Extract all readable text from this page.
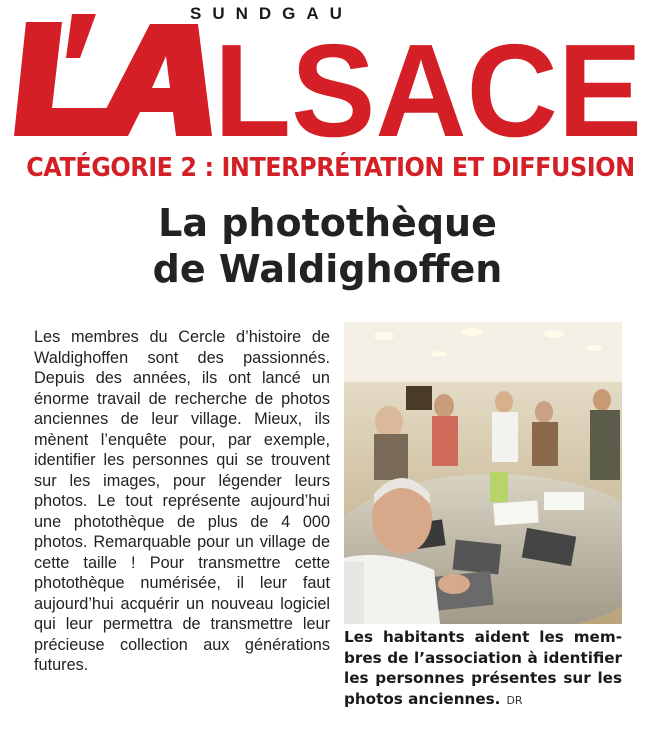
LSACE
SUNDGAU
CATÉGORIE 2 : INTERPRÉTATION ET DIFFUSION
La photothèque
de Waldighoffen
Les membres du Cercle d’histoire de Waldighoffen sont des passionnés. Depuis des années, ils ont lancé un énorme travail de recherche de photos anciennes de leur village. Mieux, ils mènent l’enquête pour, par exemple, identifier les personnes qui se trouvent sur les images, pour légender leurs photos. Le tout représente aujourd’hui une photothèque de plus de 4 000 photos. Remarquable pour un village de cette taille ! Pour transmettre cette photothèque numérisée, il leur faut aujourd’hui acquérir un nouveau logiciel qui leur permettra de transmettre leur précieuse collection aux générations futures.
Les habitants aident les membres de l’association à identifier les personnes présentes sur les photos anciennes. DR
